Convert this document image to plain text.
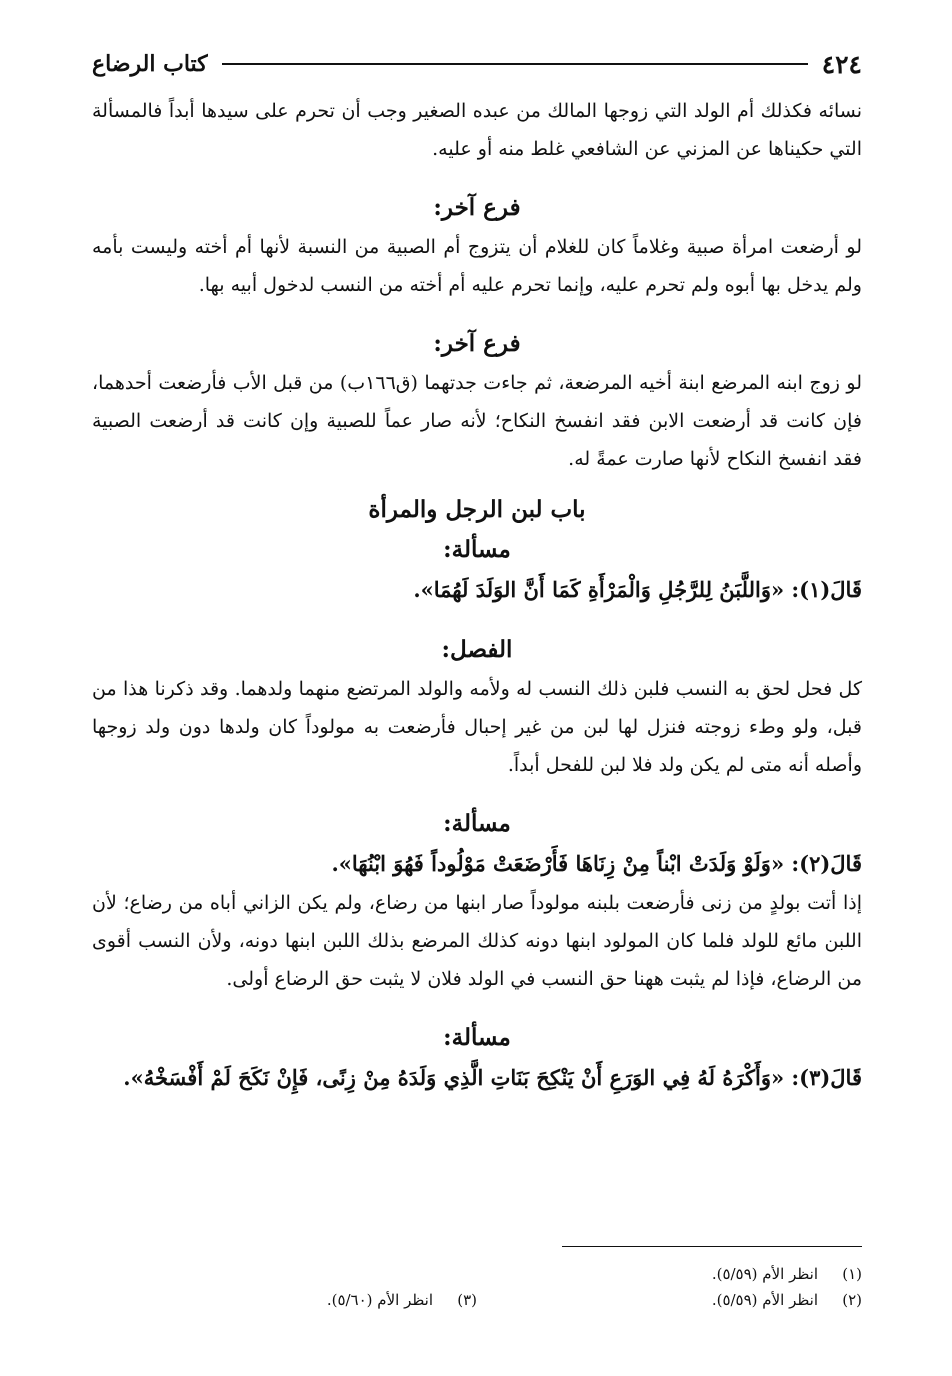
٤٢٤
كتاب الرضاع

نسائه فكذلك أم الولد التي زوجها المالك من عبده الصغير وجب أن تحرم على سيدها أبداً فالمسألة التي حكيناها عن المزني عن الشافعي غلط منه أو عليه.

فرع آخر:

لو أرضعت امرأة صبية وغلاماً كان للغلام أن يتزوج أم الصبية من النسبة لأنها أم أخته وليست بأمه ولم يدخل بها أبوه ولم تحرم عليه، وإنما تحرم عليه أم أخته من النسب لدخول أبيه بها.

فرع آخر:

لو زوج ابنه المرضع ابنة أخيه المرضعة، ثم جاءت جدتهما (ق١٦٦ب) من قبل الأب فأرضعت أحدهما، فإن كانت قد أرضعت الابن فقد انفسخ النكاح؛ لأنه صار عماً للصبية وإن كانت قد أرضعت الصبية فقد انفسخ النكاح لأنها صارت عمةً له.

باب لبن الرجل والمرأة

مسألة:

قَالَ(١): «وَاللَّبَنُ لِلرَّجُلِ وَالْمَرْأَةِ كَمَا أَنَّ الوَلَدَ لَهُمَا».

الفصل:

كل فحل لحق به النسب فلبن ذلك النسب له ولأمه والولد المرتضع منهما ولدهما. وقد ذكرنا هذا من قبل، ولو وطء زوجته فنزل لها لبن من غير إحبال فأرضعت به مولوداً كان ولدها دون ولد زوجها وأصله أنه متى لم يكن ولد فلا لبن للفحل أبداً.

مسألة:

قَالَ(٢): «وَلَوْ وَلَدَتْ ابْناً مِنْ زِنَاهَا فَأَرْضَعَتْ مَوْلُوداً فَهُوَ ابْنُهَا».

إذا أتت بولدٍ من زنى فأرضعت بلبنه مولوداً صار ابنها من رضاع، ولم يكن الزاني أباه من رضاع؛ لأن اللبن مائع للولد فلما كان المولود ابنها دونه كذلك المرضع بذلك اللبن ابنها دونه، ولأن النسب أقوى من الرضاع، فإذا لم يثبت ههنا حق النسب في الولد فلان لا يثبت حق الرضاع أولى.

مسألة:

قَالَ(٣): «وَأَكْرَهُ لَهُ فِي الوَرَعِ أَنْ يَنْكِحَ بَنَاتِ الَّذِي وَلَدَهُ مِنْ زِنًى، فَإِنْ نَكَحَ لَمْ أَفْسَخْهُ».

(١)
انظر الأم (٥/٥٩).
(٢)
انظر الأم (٥/٥٩).
(٣)
انظر الأم (٥/٦٠).
